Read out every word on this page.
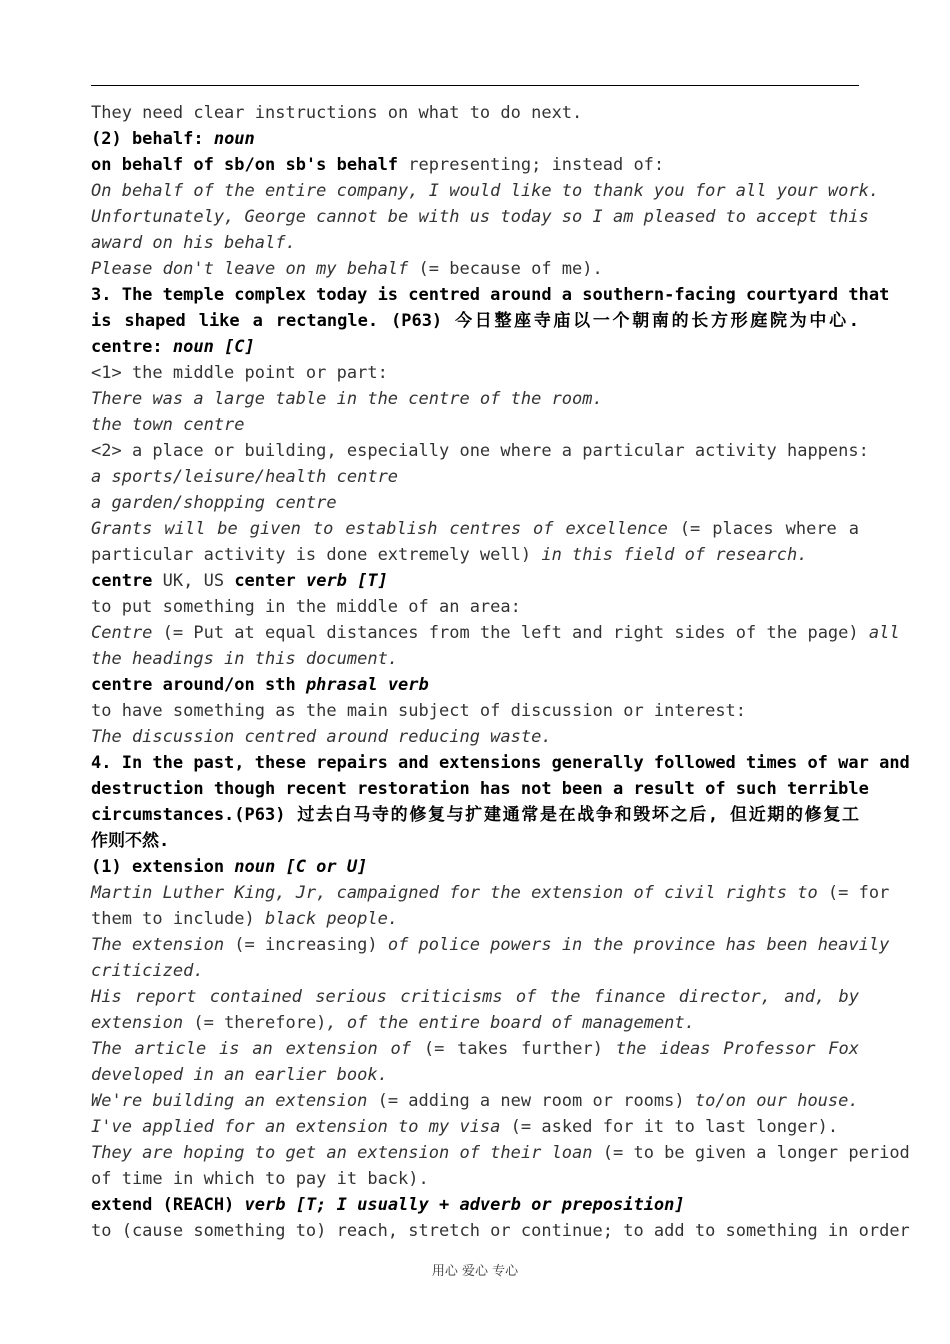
They need clear instructions on what to do next.
(2) behalf: noun
on behalf of sb/on sb's behalf representing; instead of:
On behalf of the entire company, I would like to thank you for all your work.
Unfortunately, George cannot be with us today so I am pleased to accept this
award on his behalf.
Please don't leave on my behalf (= because of me).
3. The temple complex today is centred around a southern-facing courtyard that
is shaped like a rectangle. (P63) 今日整座寺庙以一个朝南的长方形庭院为中心.
centre: noun [C]
<1> the middle point or part:
There was a large table in the centre of the room.
the town centre
<2> a place or building, especially one where a particular activity happens:
a sports/leisure/health centre
a garden/shopping centre
Grants will be given to establish centres of excellence (= places where a
particular activity is done extremely well) in this field of research.
centre UK, US center verb [T]
to put something in the middle of an area:
Centre (= Put at equal distances from the left and right sides of the page) all
the headings in this document.
centre around/on sth phrasal verb
to have something as the main subject of discussion or interest:
The discussion centred around reducing waste.
4. In the past, these repairs and extensions generally followed times of war and
destruction though recent restoration has not been a result of such terrible
circumstances.(P63) 过去白马寺的修复与扩建通常是在战争和毁坏之后, 但近期的修复工
作则不然.
(1) extension noun [C or U]
Martin Luther King, Jr, campaigned for the extension of civil rights to (= for
them to include) black people.
The extension (= increasing) of police powers in the province has been heavily
criticized.
His report contained serious criticisms of the finance director, and, by
extension (= therefore), of the entire board of management.
The article is an extension of (= takes further) the ideas Professor Fox
developed in an earlier book.
We're building an extension (= adding a new room or rooms) to/on our house.
I've applied for an extension to my visa (= asked for it to last longer).
They are hoping to get an extension of their loan (= to be given a longer period
of time in which to pay it back).
extend (REACH) verb [T; I usually + adverb or preposition]
to (cause something to) reach, stretch or continue; to add to something in order
用心 爱心 专心
